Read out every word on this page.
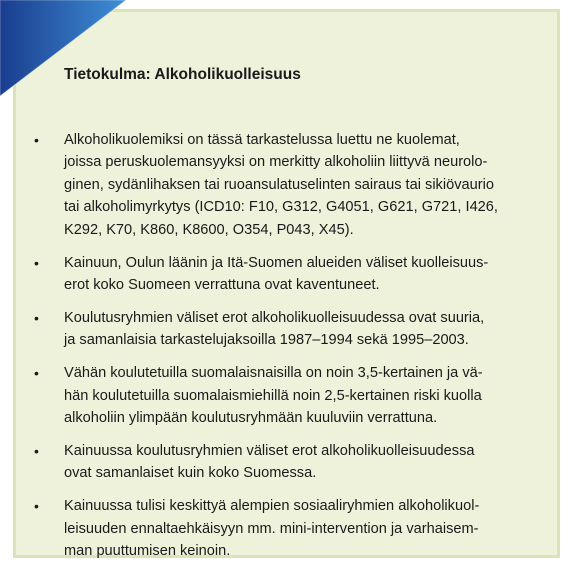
Tietokulma: Alkoholikuolleisuus
• Alkoholikuolemiksi on tässä tarkastelussa luettu ne kuolemat,
joissa peruskuolemansyyksi on merkitty alkoholiin liittyvä neurolo-
ginen, sydänlihaksen tai ruoansulatuselinten sairaus tai sikiövaurio
tai alkoholimyrkytys (ICD10: F10, G312, G4051, G621, G721, I426,
K292, K70, K860, K8600, O354, P043, X45).
• Kainuun, Oulun läänin ja Itä-Suomen alueiden väliset kuolleisuus-
erot koko Suomeen verrattuna ovat kaventuneet.
• Koulutusryhmien väliset erot alkoholikuolleisuudessa ovat suuria,
ja samanlaisia tarkastelujaksoilla 1987–1994 sekä 1995–2003.
• Vähän koulutetuilla suomalaisnaisilla on noin 3,5-kertainen ja vä-
hän koulutetuilla suomalaismiehillä noin 2,5-kertainen riski kuolla
alkoholiin ylimpään koulutusryhmään kuuluviin verrattuna.
• Kainuussa koulutusryhmien väliset erot alkoholikuolleisuudessa
ovat samanlaiset kuin koko Suomessa.
• Kainuussa tulisi keskittyä alempien sosiaaliryhmien alkoholikuol-
leisuuden ennaltaehkäisyyn mm. mini-intervention ja varhaisem-
man puuttumisen keinoin.
